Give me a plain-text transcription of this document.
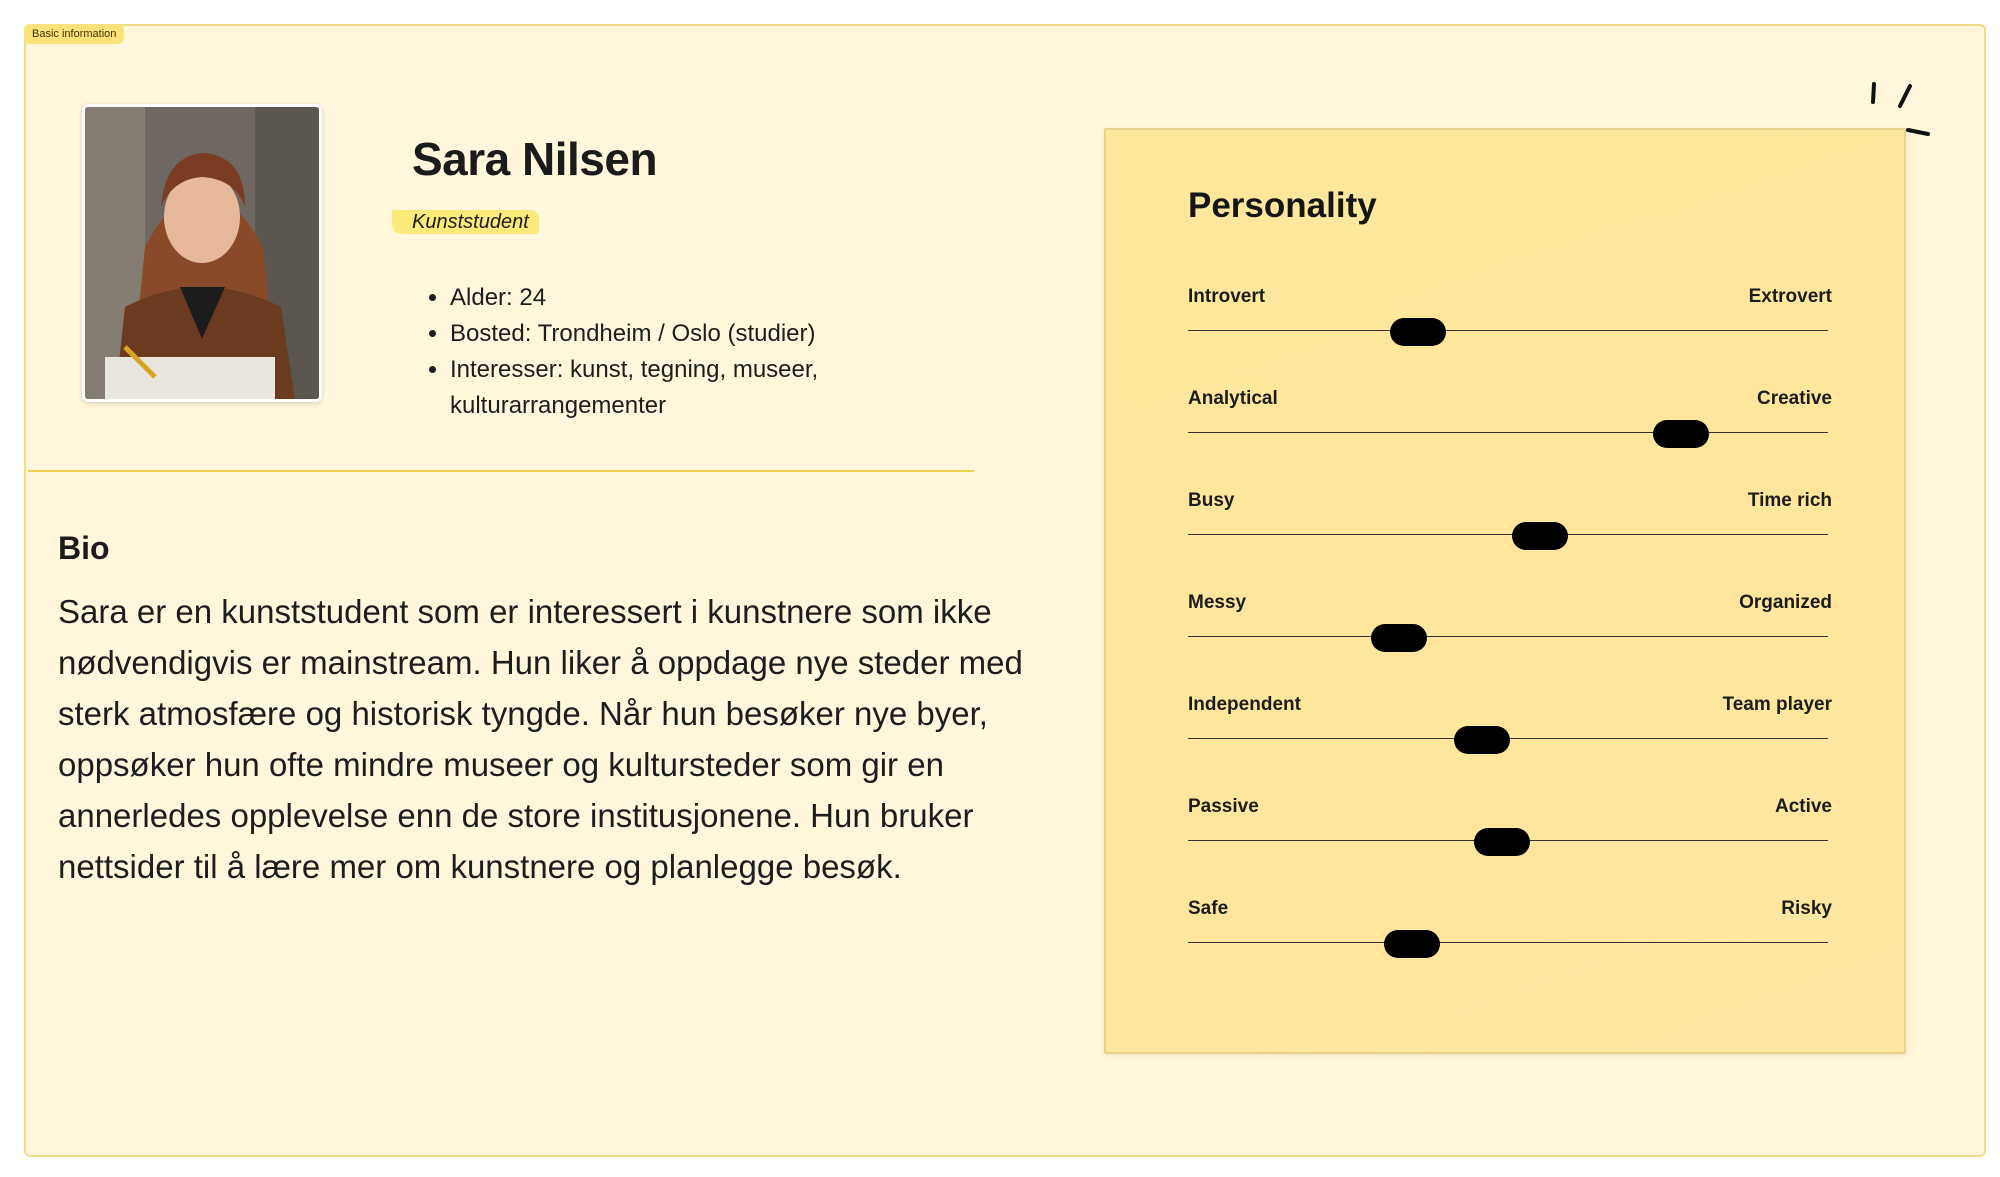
Basic information
Sara Nilsen
Kunststudent
• Alder: 24
• Bosted: Trondheim / Oslo (studier)
• Interesser: kunst, tegning, museer, kulturarrangementer
Bio

Sara er en kunststudent som er interessert i kunstnere som ikke nødvendigvis er mainstream. Hun liker å oppdage nye steder med sterk atmosfære og historisk tyngde. Når hun besøker nye byer, oppsøker hun ofte mindre museer og kultursteder som gir en annerledes opplevelse enn de store institusjonene. Hun bruker nettsider til å lære mer om kunstnere og planlegge besøk.

Personality
Introvert	Extrovert
Analytical	Creative
Busy	Time rich
Messy	Organized
Independent	Team player
Passive	Active
Safe	Risky
